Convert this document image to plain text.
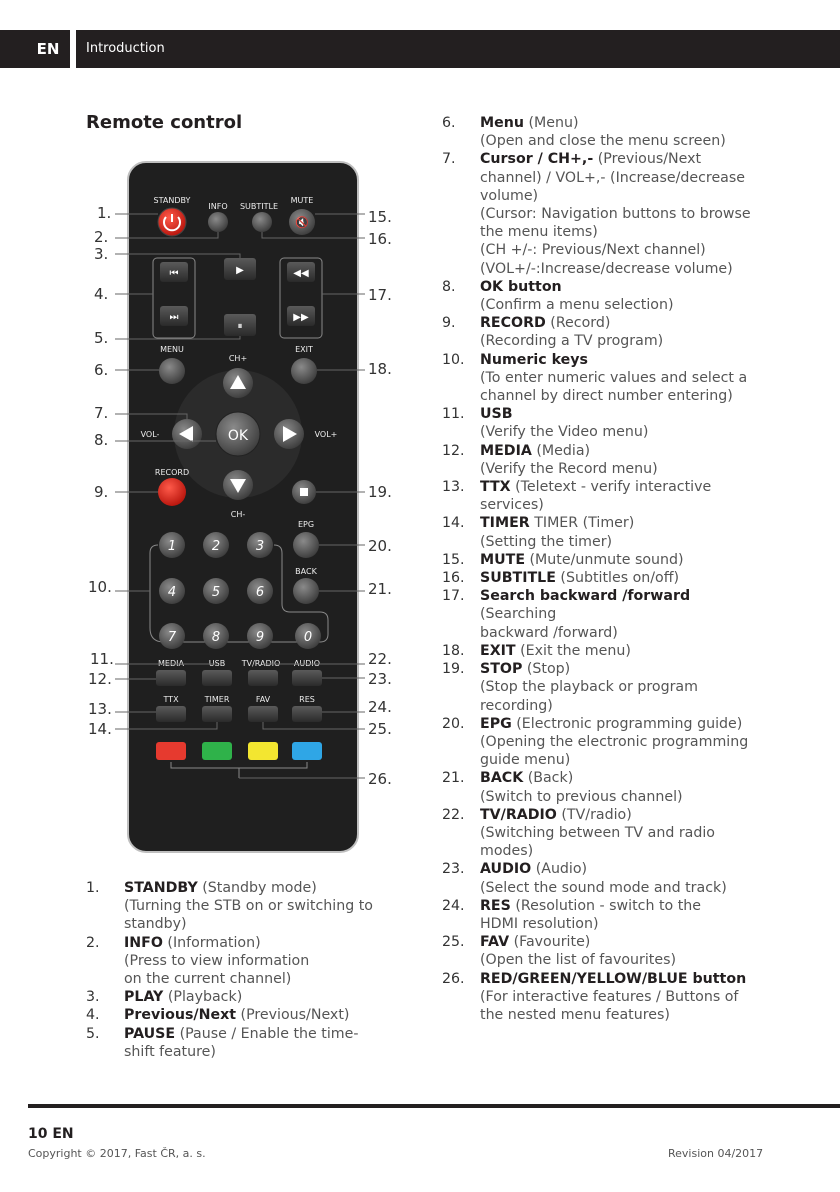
EN	Introduction
Remote control
STANDBY
INFO SUBTITLE
🔇
MUTE
⏮
⏭
▶
⏸
◀◀
▶▶
MENU	EXIT
OK
CH+
CH-
VOL-	VOL+
RECORD
EPG
BACK
1	2	3
4	5	6
7	8	9	0
MEDIA	USB TV/RADIO AUDIO
TTX	TIMER	FAV	RES
1.
2.
3.
4.
5.
6.
7.
8.
9.
10.
11.
12.
13.
14.
15.
16.
17.
18.
19.
20.
21.
22.
23.
24.
25.
26.
1.	STANDBY (Standby mode)
(Turning the STB on or switching to
standby)
2.	INFO (Information)
(Press to view information
on the current channel)
3.	PLAY (Playback)
4.	Previous/Next (Previous/Next)
5.	PAUSE (Pause / Enable the time-
shift feature)
6.	Menu (Menu)
(Open and close the menu screen)
7.	Cursor / CH+,- (Previous/Next
channel) / VOL+,- (Increase/decrease
volume)
(Cursor: Navigation buttons to browse
the menu items)
(CH +/-: Previous/Next channel)
(VOL+/-:Increase/decrease volume)
8.	OK button
(Confirm a menu selection)
9.	RECORD (Record)
(Recording a TV program)
10.	Numeric keys
(To enter numeric values and select a
channel by direct number entering)
11.	USB
(Verify the Video menu)
12.	MEDIA (Media)
(Verify the Record menu)
13.	TTX (Teletext - verify interactive
services)
14.	TIMER TIMER (Timer)
(Setting the timer)
15.	MUTE (Mute/unmute sound)
16.	SUBTITLE (Subtitles on/off)
17.	Search backward /forward (Searching
backward /forward)
18.	EXIT (Exit the menu)
19.	STOP (Stop)
(Stop the playback or program
recording)
20.	EPG (Electronic programming guide)
(Opening the electronic programming
guide menu)
21.	BACK (Back)
(Switch to previous channel)
22.	TV/RADIO (TV/radio)
(Switching between TV and radio
modes)
23.	AUDIO (Audio)
(Select the sound mode and track)
24.	RES (Resolution - switch to the
HDMI resolution)
25.	FAV (Favourite)
(Open the list of favourites)
26.	RED/GREEN/YELLOW/BLUE button
(For interactive features / Buttons of
the nested menu features)
10 EN
Copyright © 2017, Fast ČR, a. s.	Revision 04/2017
